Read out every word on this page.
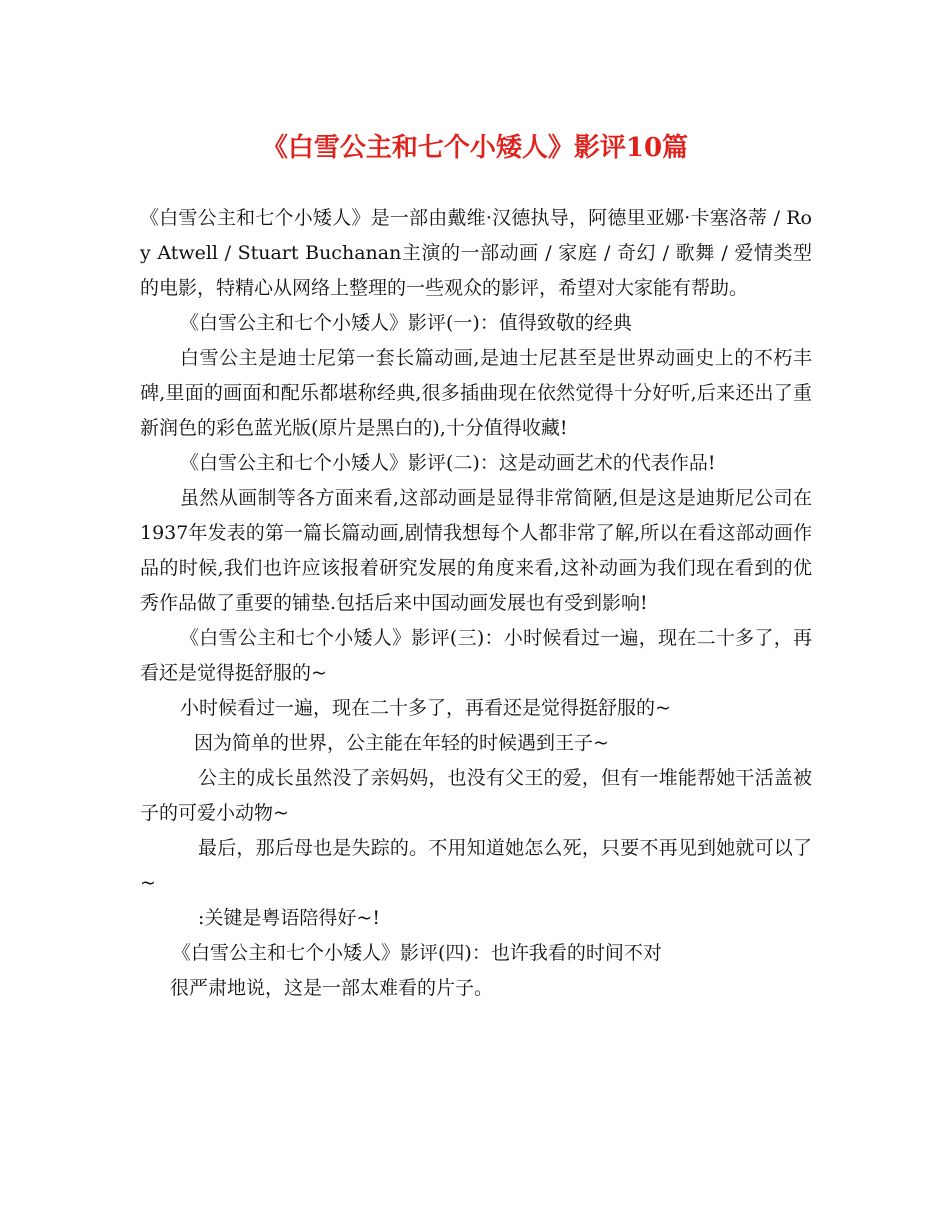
《白雪公主和七个小矮人》影评10篇

《白雪公主和七个小矮人》是一部由戴维·汉德执导，阿德里亚娜·卡塞洛蒂 / Roy Atwell / Stuart Buchanan主演的一部动画 / 家庭 / 奇幻 / 歌舞 / 爱情类型的电影，特精心从网络上整理的一些观众的影评，希望对大家能有帮助。

《白雪公主和七个小矮人》影评(一)：值得致敬的经典

白雪公主是迪士尼第一套长篇动画,是迪士尼甚至是世界动画史上的不朽丰碑,里面的画面和配乐都堪称经典,很多插曲现在依然觉得十分好听,后来还出了重新润色的彩色蓝光版(原片是黑白的),十分值得收藏!

《白雪公主和七个小矮人》影评(二)：这是动画艺术的代表作品!

虽然从画制等各方面来看,这部动画是显得非常简陋,但是这是迪斯尼公司在1937年发表的第一篇长篇动画,剧情我想每个人都非常了解,所以在看这部动画作品的时候,我们也许应该报着研究发展的角度来看,这补动画为我们现在看到的优秀作品做了重要的铺垫.包括后来中国动画发展也有受到影响!

《白雪公主和七个小矮人》影评(三)：小时候看过一遍，现在二十多了，再看还是觉得挺舒服的~

小时候看过一遍，现在二十多了，再看还是觉得挺舒服的~

因为简单的世界，公主能在年轻的时候遇到王子~

公主的成长虽然没了亲妈妈，也没有父王的爱，但有一堆能帮她干活盖被子的可爱小动物~

最后，那后母也是失踪的。不用知道她怎么死，只要不再见到她就可以了~

:关键是粤语陪得好~!

《白雪公主和七个小矮人》影评(四)：也许我看的时间不对

很严肃地说，这是一部太难看的片子。
